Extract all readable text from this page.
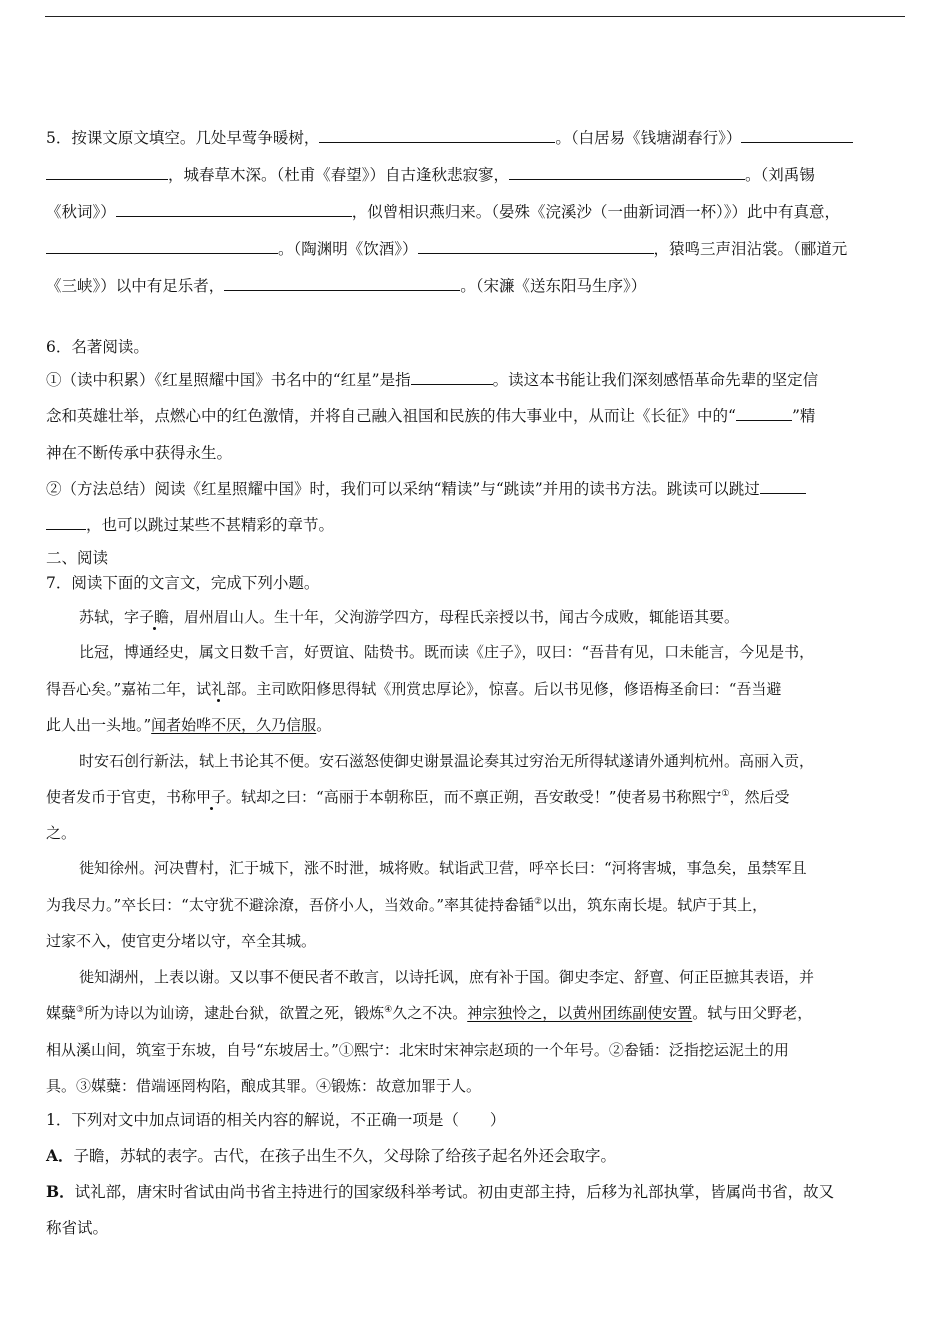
5．按课文原文填空。几处早莺争暖树，	。（白居易《钱塘湖春行》）
，城春草木深。（杜甫《春望》）自古逢秋悲寂寥，	。（刘禹锡
《秋词》）	，似曾相识燕归来。（晏殊《浣溪沙（一曲新词酒一杯）》）此中有真意，
。（陶渊明《饮酒》）	，猿鸣三声泪沾裳。（郦道元
《三峡》）以中有足乐者，	。（宋濂《送东阳马生序》）
6．名著阅读。
①（读中积累）《红星照耀中国》书名中的“红星”是指	。读这本书能让我们深刻感悟革命先辈的坚定信
念和英雄壮举，点燃心中的红色激情，并将自己融入祖国和民族的伟大事业中，从而让《长征》中的“	”精
神在不断传承中获得永生。
②（方法总结）阅读《红星照耀中国》时，我们可以采纳“精读”与“跳读”并用的读书方法。跳读可以跳过
，也可以跳过某些不甚精彩的章节。
二、阅读
7．阅读下面的文言文，完成下列小题。
苏轼，字子瞻，眉州眉山人。生十年，父洵游学四方，母程氏亲授以书，闻古今成败，辄能语其要。
比冠，博通经史，属文日数千言，好贾谊、陆贽书。既而读《庄子》，叹曰：“吾昔有见，口未能言，今见是书，
得吾心矣。”嘉祐二年，试礼部。主司欧阳修思得轼《刑赏忠厚论》，惊喜。后以书见修，修语梅圣俞曰：“吾当避
此人出一头地。”闻者始哗不厌，久乃信服。
时安石创行新法，轼上书论其不便。安石滋怒使御史谢景温论奏其过穷治无所得轼遂请外通判杭州。高丽入贡，
使者发币于官吏，书称甲子。轼却之曰：“高丽于本朝称臣，而不禀正朔，吾安敢受！”使者易书称熙宁①，然后受
之。
徙知徐州。河决曹村，汇于城下，涨不时泄，城将败。轼诣武卫营，呼卒长曰：“河将害城，事急矣，虽禁军且
为我尽力。”卒长曰：“太守犹不避涂潦，吾侪小人，当效命。”率其徒持畚锸②以出，筑东南长堤。轼庐于其上，
过家不入，使官吏分堵以守，卒全其城。
徙知湖州，上表以谢。又以事不便民者不敢言，以诗托讽，庶有补于国。御史李定、舒亶、何正臣摭其表语，并
媒糵③所为诗以为讪谤，逮赴台狱，欲置之死，锻炼④久之不决。神宗独怜之，以黄州团练副使安置。轼与田父野老，
相从溪山间，筑室于东坡，自号“东坡居士。”①熙宁：北宋时宋神宗赵顼的一个年号。②畚锸：泛指挖运泥土的用
具。③媒糵：借端诬罔构陷，酿成其罪。④锻炼：故意加罪于人。
1．下列对文中加点词语的相关内容的解说，不正确一项是（　　）
A．子瞻，苏轼的表字。古代，在孩子出生不久，父母除了给孩子起名外还会取字。
B．试礼部，唐宋时省试由尚书省主持进行的国家级科举考试。初由吏部主持，后移为礼部执掌，皆属尚书省，故又
称省试。
